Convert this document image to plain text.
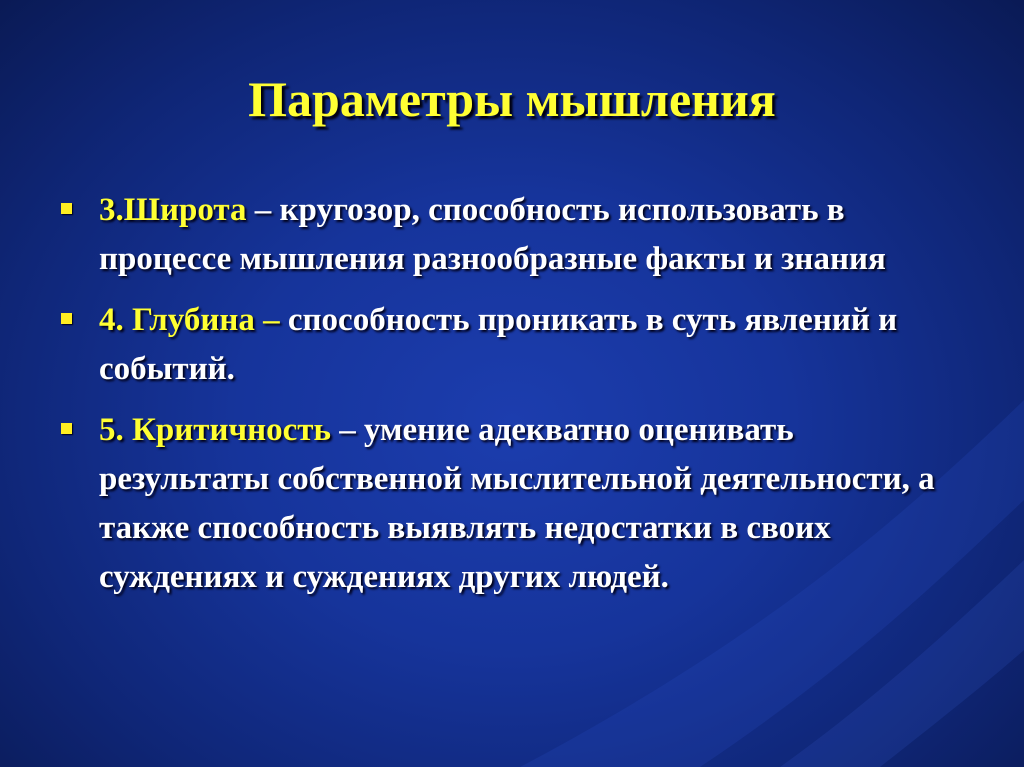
Параметры мышления
3.Широта – кругозор, способность использовать в процессе мышления разнообразные факты и знания
4. Глубина – способность проникать в суть явлений и событий.
5. Критичность – умение адекватно оценивать результаты собственной мыслительной деятельности, а также способность выявлять недостатки в своих суждениях и суждениях других людей.
